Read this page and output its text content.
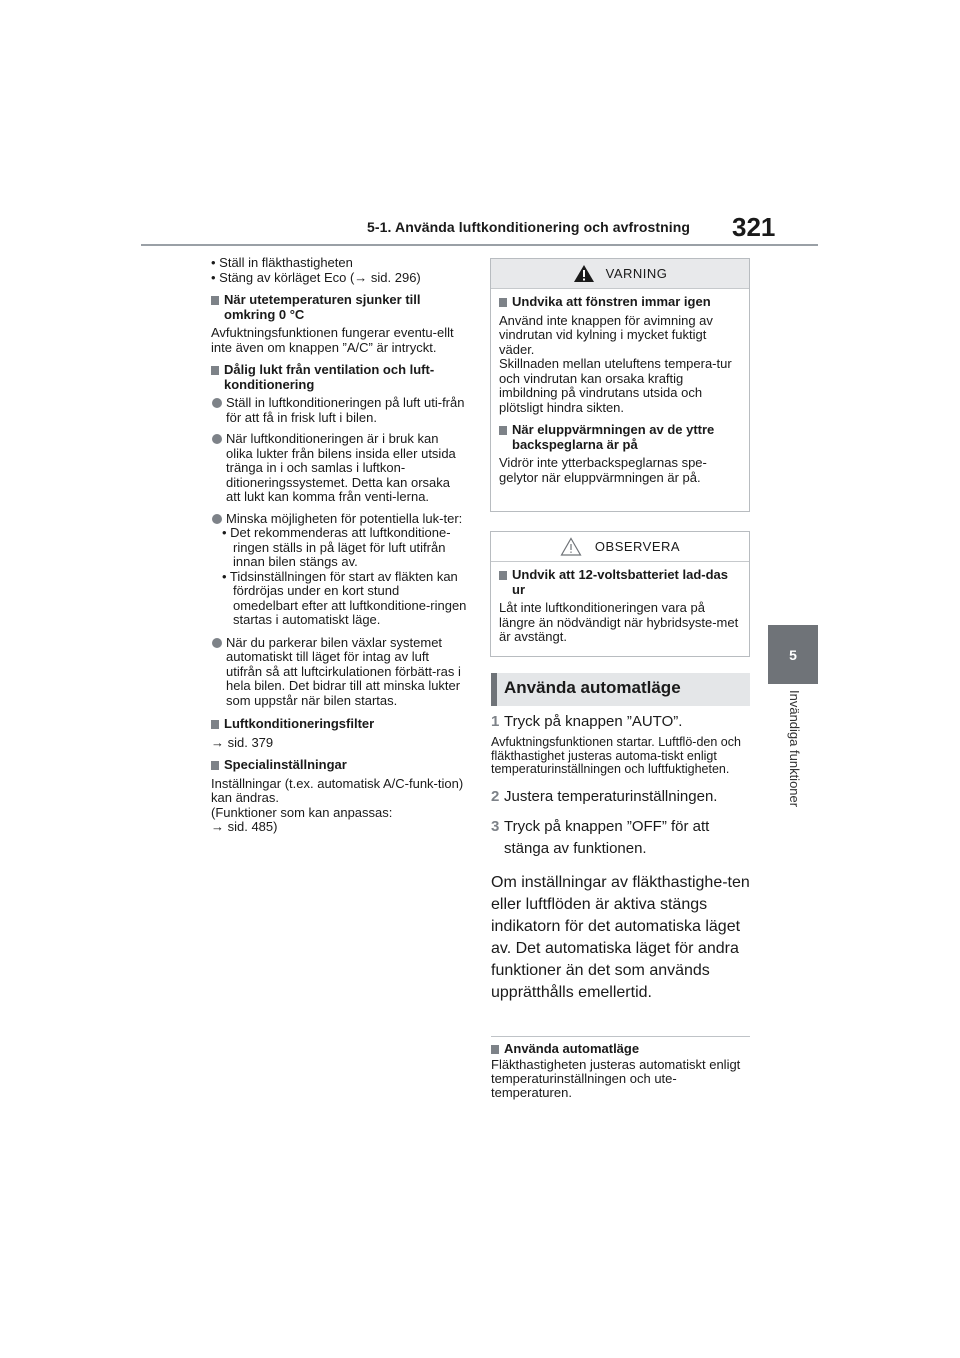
5-1. Använda luftkonditionering och avfrostning 321
5
Invändiga funktioner

• Ställ in fläkthastigheten

• Stäng av körläget Eco (→ sid. 296)

När utetemperaturen sjunker till omkring 0 °C

Avfuktningsfunktionen fungerar eventu-ellt inte även om knappen ”A/C” är intryckt.

Dålig lukt från ventilation och luft-konditionering
Ställ in luftkonditioneringen på luft uti-från för att få in frisk luft i bilen.
När luftkonditioneringen är i bruk kan olika lukter från bilens insida eller utsida tränga in i och samlas i luftkon-ditioneringssystemet. Detta kan orsaka att lukt kan komma från venti-lerna.
Minska möjligheten för potentiella luk-ter:

• Det rekommenderas att luftkonditione-ringen ställs in på läget för luft utifrån innan bilen stängs av.

• Tidsinställningen för start av fläkten kan fördröjas under en kort stund omedelbart efter att luftkonditione-ringen startas i automatiskt läge.

När du parkerar bilen växlar systemet automatiskt till läget för intag av luft utifrån så att luftcirkulationen förbätt-ras i hela bilen. Det bidrar till att minska lukter som uppstår när bilen startas.
Luftkonditioneringsfilter

→ sid. 379

Specialinställningar

Inställningar (t.ex. automatisk A/C-funk-tion) kan ändras.

(Funktioner som kan anpassas:

→ sid. 485)

VARNING
Undvika att fönstren immar igen

Använd inte knappen för avimning av vindrutan vid kylning i mycket fuktigt väder.

Skillnaden mellan uteluftens tempera-tur och vindrutan kan orsaka kraftig imbildning på vindrutans utsida och plötsligt hindra sikten.

När eluppvärmningen av de yttre backspeglarna är på

Vidrör inte ytterbackspeglarnas spe-gelytor när eluppvärmningen är på.

OBSERVERA
Undvik att 12-voltsbatteriet lad-das ur

Låt inte luftkonditioneringen vara på längre än nödvändigt när hybridsyste-met är avstängt.

Använda automatläge
1 Tryck på knappen ”AUTO”.

Avfuktningsfunktionen startar. Luftflö-den och fläkthastighet justeras automa-tiskt enligt temperaturinställningen och luftfuktigheten.

2 Justera temperaturinställningen.
3 Tryck på knappen ”OFF” för att stänga av funktionen.

Om inställningar av fläkthastighe-ten eller luftflöden är aktiva stängs indikatorn för det automatiska läget av. Det automatiska läget för andra funktioner än det som används upprätthålls emellertid.

Använda automatläge

Fläkthastigheten justeras automatiskt enligt temperaturinställningen och ute-temperaturen.
